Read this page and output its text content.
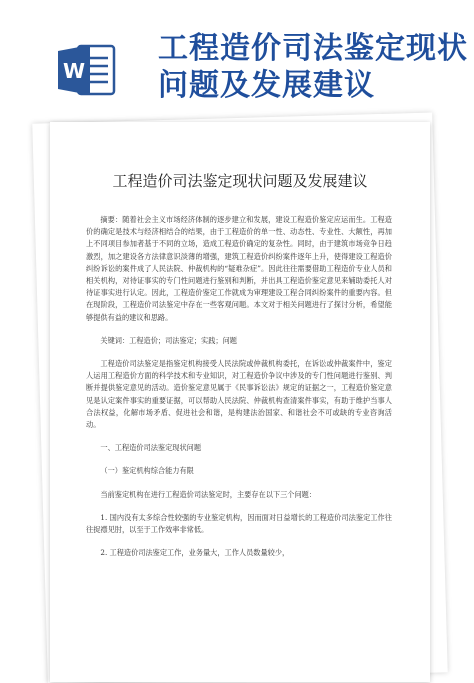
W
工程造价司法鉴定现状问题及发展建议
工程造价司法鉴定现状问题及发展建议

摘要：随着社会主义市场经济体制的逐步建立和发展，建设工程造价鉴定应运而生。工程造价的确定是技术与经济相结合的结果，由于工程造价的单一性、动态性、专业性、大额性，再加上不同项目参加者基于不同的立场，造成工程造价确定的复杂性。同时，由于建筑市场竞争日趋激烈，加之建设各方法律意识淡薄的增强，建筑工程造价纠纷案件逐年上升，使得建设工程造价纠纷诉讼的案件成了人民法院、仲裁机构的“疑难杂症”。因此往往需要借助工程造价专业人员和相关机构，对待证事实的专门性问题进行鉴别和判断，并出具工程造价鉴定意见来辅助委托人对待证事实进行认定。因此，工程造价鉴定工作就成为审理建设工程合同纠纷案件的重要内容。但在现阶段，工程造价司法鉴定中存在一些客观问题。本文对于相关问题进行了探讨分析，希望能够提供有益的建议和思路。

关键词：工程造价；司法鉴定；实践；问题

工程造价司法鉴定是指鉴定机构接受人民法院或仲裁机构委托，在诉讼或仲裁案件中，鉴定人运用工程造价方面的科学技术和专业知识，对工程造价争议中涉及的专门性问题进行鉴别、判断并提供鉴定意见的活动。造价鉴定意见属于《民事诉讼法》规定的证据之一，工程造价鉴定意见是认定案件事实的重要证据，可以帮助人民法院、仲裁机构查清案件事实，有助于维护当事人合法权益，化解市场矛盾、促进社会和谐，是构建法治国家、和谐社会不可或缺的专业咨询活动。

一、工程造价司法鉴定现状问题

（一）鉴定机构综合能力有限

当前鉴定机构在进行工程造价司法鉴定时，主要存在以下三个问题：

1. 国内没有太多综合性较强的专业鉴定机构，因而面对日益增长的工程造价司法鉴定工作往往捉襟见肘，以至于工作效率非常低。

2. 工程造价司法鉴定工作，业务量大，工作人员数量较少，
